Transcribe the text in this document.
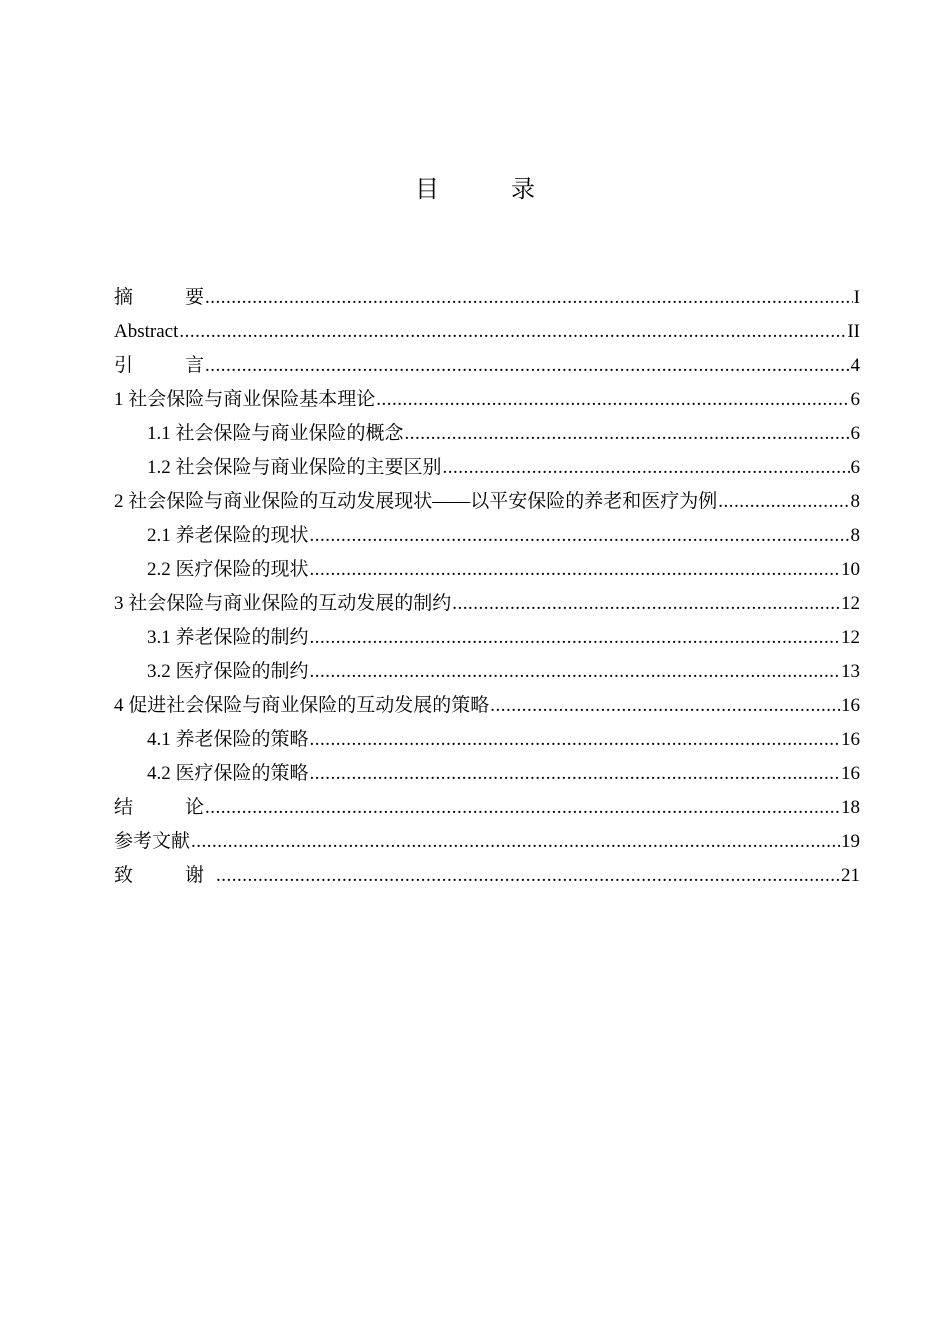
目　录
摘 要 .....	I
Abstract .....	II
引 言 .....	4
1 社会保险与商业保险基本理论 .....	6
1.1 社会保险与商业保险的概念 .....	6
1.2 社会保险与商业保险的主要区别 .....	6
2 社会保险与商业保险的互动发展现状——以平安保险的养老和医疗为例 .....	8
2.1 养老保险的现状 .....	8
2.2 医疗保险的现状 .....	10
3 社会保险与商业保险的互动发展的制约 .....	12
3.1 养老保险的制约 .....	12
3.2 医疗保险的制约 .....	13
4 促进社会保险与商业保险的互动发展的策略 .....	16
4.1 养老保险的策略 .....	16
4.2 医疗保险的策略 .....	16
结 论 .....	18
参考文献 .....	19
致 谢 .....	21
